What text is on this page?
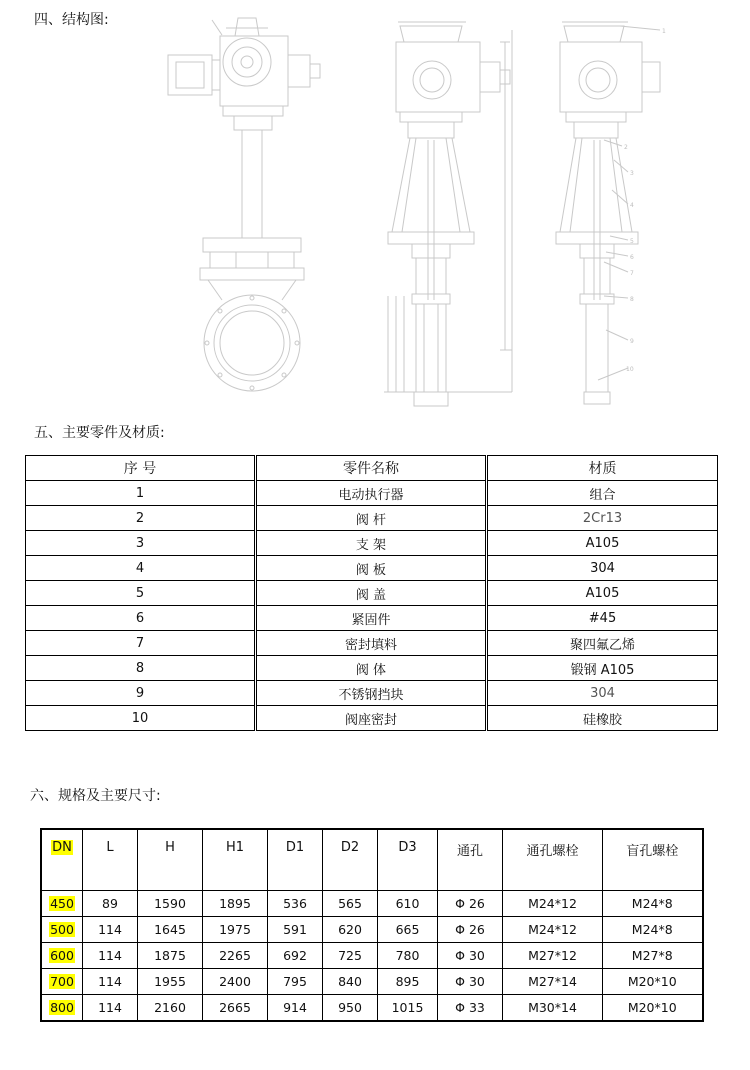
四、结构图:
1
2
3
4
5
6
7
8
9
10
五、主要零件及材质:
序 号	零件名称	材质
1	电动执行器	组合
2	阀 杆	2Cr13
3	支 架	A105
4	阀 板	304
5	阀 盖	A105
6	紧固件	#45
7	密封填料	聚四氟乙烯
8	阀 体	锻钢 A105
9	不锈钢挡块	304
10	阀座密封	硅橡胶
六、规格及主要尺寸:
DN	L	H	H1	D1	D2	D3	通孔	通孔螺栓	盲孔螺栓
450	89	1590	1895	536	565	610	Φ 26	M24*12	M24*8
500	114	1645	1975	591	620	665	Φ 26	M24*12	M24*8
600	114	1875	2265	692	725	780	Φ 30	M27*12	M27*8
700	114	1955	2400	795	840	895	Φ 30	M27*14	M20*10
800	114	2160	2665	914	950	1015	Φ 33	M30*14	M20*10
